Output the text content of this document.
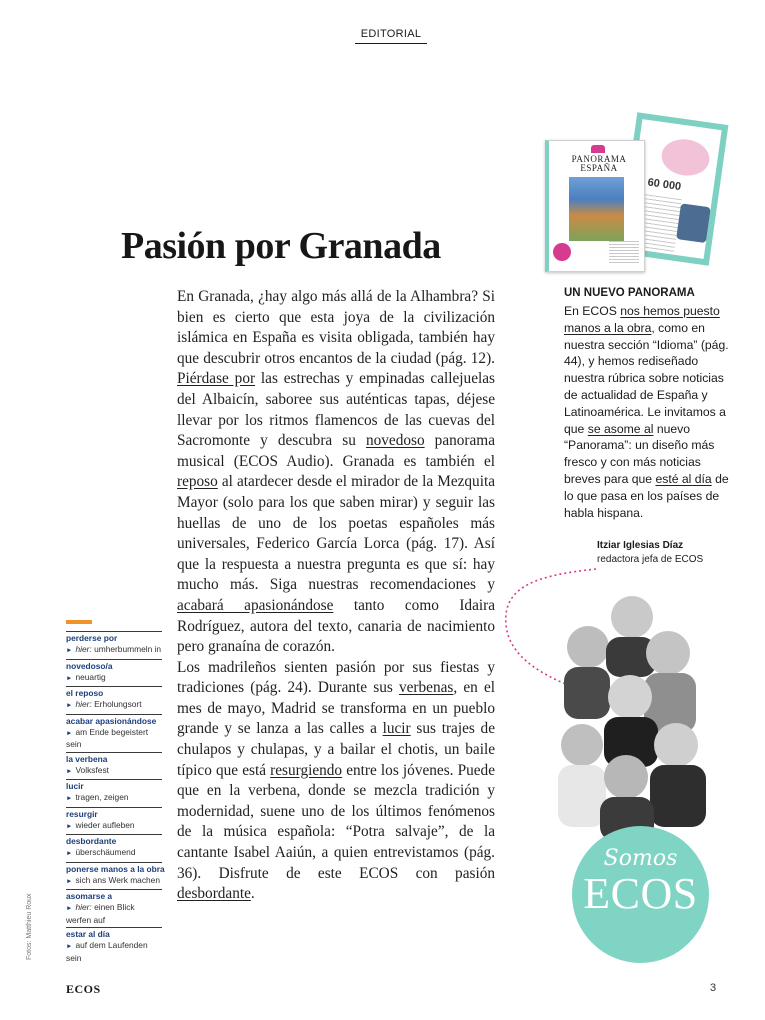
EDITORIAL
Pasión por Granada

En Granada, ¿hay algo más allá de la Alhambra? Si bien es cierto que esta joya de la civilización islámica en España es visita obligada, también hay que descubrir otros encantos de la ciudad (pág. 12). Piérdase por las estrechas y empinadas callejuelas del Albaicín, saboree sus auténticas tapas, déjese llevar por los ritmos flamencos de las cuevas del Sacromonte y descubra su novedoso panorama musical (ECOS Audio). Granada es también el reposo al atardecer desde el mirador de la Mezquita Mayor (solo para los que saben mirar) y seguir las huellas de uno de los poetas españoles más universales, Federico García Lorca (pág. 17). Así que la respuesta a nuestra pregunta es que sí: hay mucho más. Siga nuestras recomendaciones y acabará apasionándose tanto como Idaira Rodríguez, autora del texto, canaria de nacimiento pero granaína de corazón.

Los madrileños sienten pasión por sus fiestas y tradiciones (pág. 24). Durante sus verbenas, en el mes de mayo, Madrid se transforma en un pueblo grande y se lanza a las calles a lucir sus trajes de chulapos y chulapas, y a bailar el chotis, un baile típico que está resurgiendo entre los jóvenes. Puede que en la verbena, donde se mezcla tradición y modernidad, suene uno de los últimos fenómenos de la música española: “Potra salvaje”, de la cantante Isabel Aaiún, a quien entrevistamos (pág. 36). Disfrute de este ECOS con pasión desbordante.

60 000
PANORAMA ESPAÑA
UN NUEVO PANORAMA

En ECOS nos hemos puesto manos a la obra, como en nuestra sección “Idioma” (pág. 44), y hemos rediseñado nuestra rúbrica sobre noticias de actualidad de España y Latinoamérica. Le invitamos a que se asome al nuevo “Panorama”: un diseño más fresco y con más noticias breves para que esté al día de lo que pasa en los países de habla hispana.

Itziar Iglesias Díaz
redactora jefa de ECOS
Somos
ECOS
perderse por
► hier: umherbummeln in
novedoso/a
► neuartig
el reposo
► hier: Erholungsort
acabar apasionándose
► am Ende begeistert sein
la verbena
► Volksfest
lucir
► tragen, zeigen
resurgir
► wieder aufleben
desbordante
► überschäumend
ponerse manos a la obra
► sich ans Werk machen
asomarse a
► hier: einen Blick werfen auf
estar al día
► auf dem Laufenden sein
Fotos: Matthieu Roux
ECOS	3
